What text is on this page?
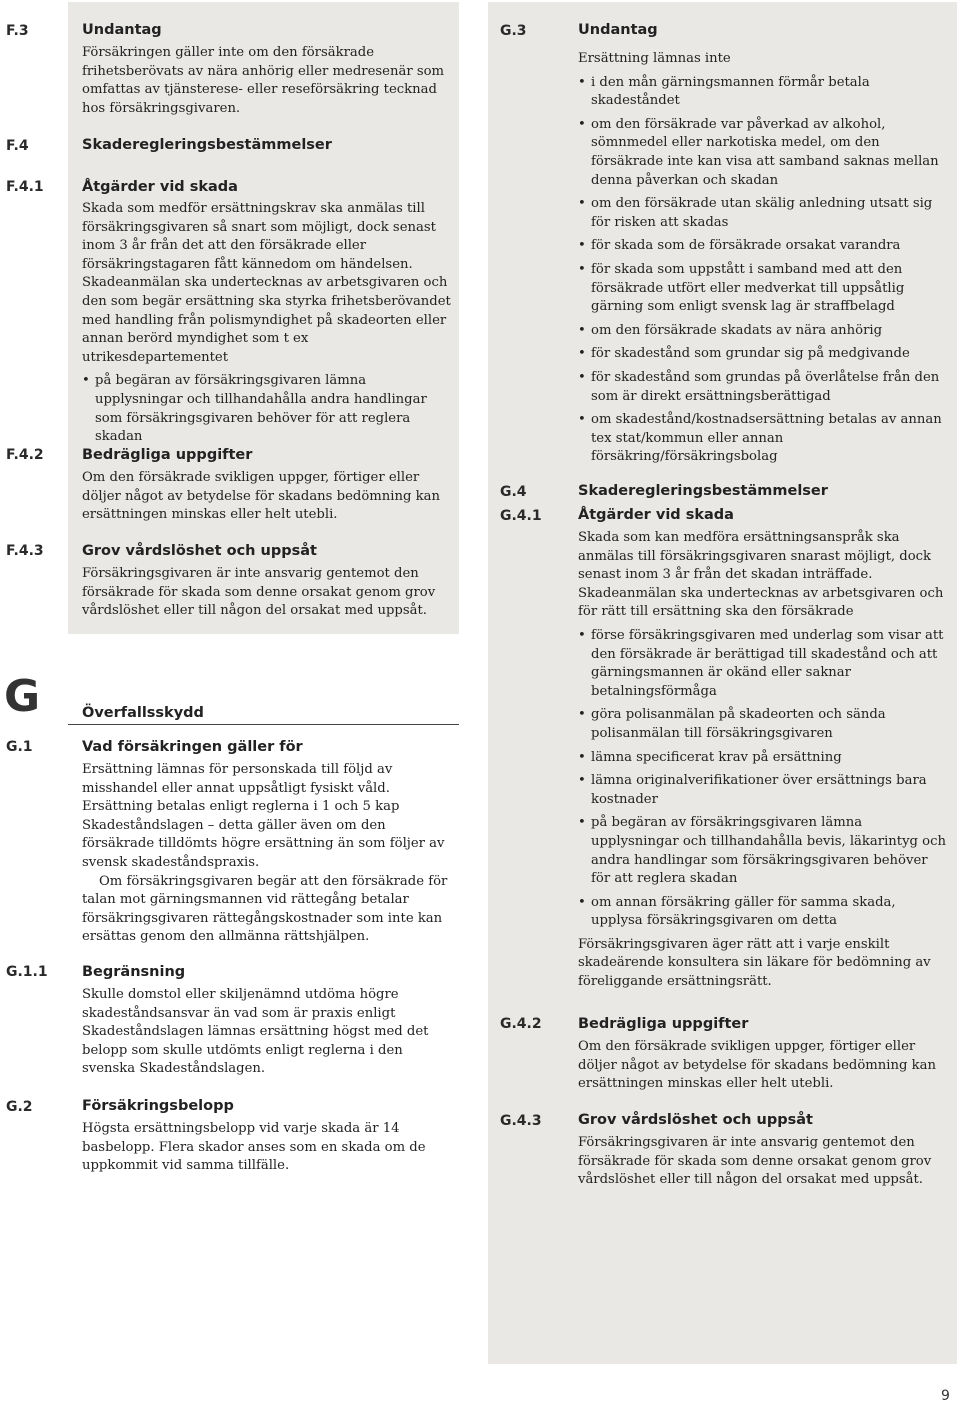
F.3	Undantag

Försäkringen gäller inte om den försäkrade frihetsberövats av nära anhörig eller medresenär som omfattas av tjänsterese- eller reseförsäkring tecknad hos försäkringsgivaren.

F.4	Skaderegleringsbestämmelser
F.4.1	Åtgärder vid skada

Skada som medför ersättningskrav ska anmälas till försäkringsgivaren så snart som möjligt, dock senast inom 3 år från det att den försäkrade eller försäkringstagaren fått kännedom om händelsen.

Skadeanmälan ska undertecknas av arbetsgivaren och den som begär ersättning ska styrka frihetsberövandet med handling från polismyndighet på skadeorten eller annan berörd myndighet som t ex utrikesdepartementet

• på begäran av försäkringsgivaren lämna upplysningar och tillhandahålla andra handlingar som försäkringsgivaren behöver för att reglera skadan
F.4.2	Bedrägliga uppgifter

Om den försäkrade svikligen uppger, förtiger eller döljer något av betydelse för skadans bedömning kan ersättningen minskas eller helt utebli.

F.4.3	Grov vårdslöshet och uppsåt

Försäkringsgivaren är inte ansvarig gentemot den försäkrade för skada som denne orsakat genom grov vårdslöshet eller till någon del orsakat med uppsåt.

G	Överfallsskydd
G.1	Vad försäkringen gäller för

Ersättning lämnas för personskada till följd av misshandel eller annat uppsåtligt fysiskt våld. Ersättning betalas enligt reglerna i 1 och 5 kap Skadeståndslagen – detta gäller även om den försäkrade tilldömts högre ersättning än som följer av svensk skadeståndspraxis.

Om försäkringsgivaren begär att den försäkrade för talan mot gärningsmannen vid rättegång betalar försäkringsgivaren rättegångskostnader som inte kan ersättas genom den allmänna rättshjälpen.

G.1.1 Begränsning

Skulle domstol eller skiljenämnd utdöma högre skadeståndsansvar än vad som är praxis enligt Skadeståndslagen lämnas ersättning högst med det belopp som skulle utdömts enligt reglerna i den svenska Skadeståndslagen.

G.2	Försäkringsbelopp

Högsta ersättningsbelopp vid varje skada är 14 basbelopp. Flera skador anses som en skada om de uppkommit vid samma tillfälle.

G.3	Undantag

Ersättning lämnas inte

• i den mån gärningsmannen förmår betala skadeståndet
• om den försäkrade var påverkad av alkohol, sömnmedel eller narkotiska medel, om den försäkrade inte kan visa att samband saknas mellan denna påverkan och skadan
• om den försäkrade utan skälig anledning utsatt sig för risken att skadas
• för skada som de försäkrade orsakat varandra
• för skada som uppstått i samband med att den försäkrade utfört eller medverkat till uppsåtlig gärning som enligt svensk lag är straffbelagd
• om den försäkrade skadats av nära anhörig
• för skadestånd som grundar sig på medgivande
• för skadestånd som grundas på överlåtelse från den som är direkt ersättningsberättigad
• om skadestånd/kostnadsersättning betalas av annan tex stat/kommun eller annan försäkring/försäkringsbolag
G.4	Skaderegleringsbestämmelser
G.4.1	Åtgärder vid skada

Skada som kan medföra ersättningsanspråk ska anmälas till försäkringsgivaren snarast möjligt, dock senast inom 3 år från det skadan inträffade. Skadeanmälan ska undertecknas av arbetsgivaren och för rätt till ersättning ska den försäkrade

• förse försäkringsgivaren med underlag som visar att den försäkrade är berättigad till skadestånd och att gärningsmannen är okänd eller saknar betalningsförmåga
• göra polisanmälan på skadeorten och sända polisanmälan till försäkringsgivaren
• lämna specificerat krav på ersättning
• lämna originalverifikationer över ersättnings bara kostnader
• på begäran av försäkringsgivaren lämna upplysningar och tillhandahålla bevis, läkarintyg och andra handlingar som försäkringsgivaren behöver för att reglera skadan
• om annan försäkring gäller för samma skada, upplysa försäkringsgivaren om detta

Försäkringsgivaren äger rätt att i varje enskilt skadeärende konsultera sin läkare för bedömning av föreliggande ersättningsrätt.

G.4.2	Bedrägliga uppgifter

Om den försäkrade svikligen uppger, förtiger eller döljer något av betydelse för skadans bedömning kan ersättningen minskas eller helt utebli.

G.4.3	Grov vårdslöshet och uppsåt

Försäkringsgivaren är inte ansvarig gentemot den försäkrade för skada som denne orsakat genom grov vårdslöshet eller till någon del orsakat med uppsåt.

9
